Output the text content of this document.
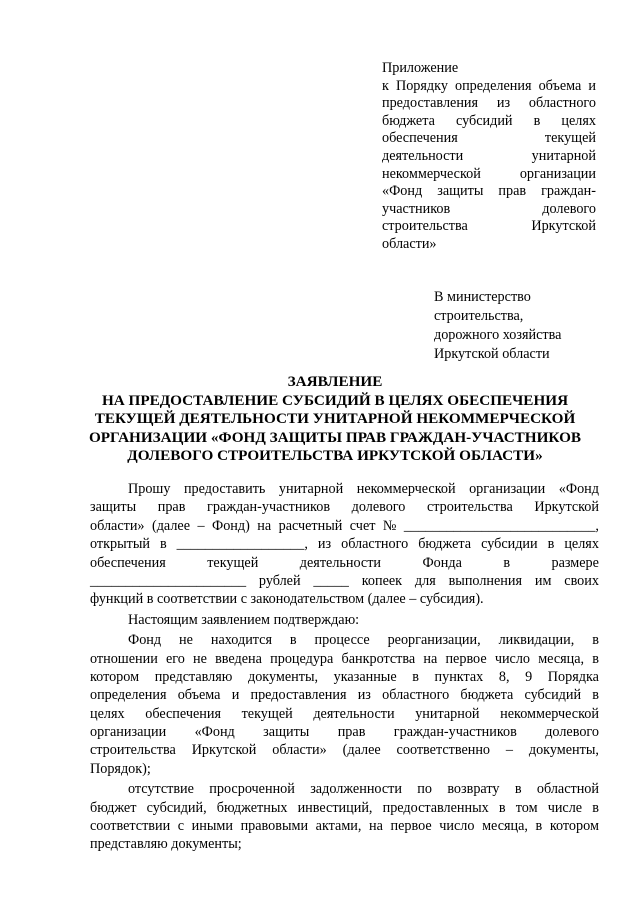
Приложение
к Порядку определения объема и
предоставления из областного
бюджета субсидий в целях
обеспечения	текущей
деятельности	унитарной
некоммерческой	организации
«Фонд защиты прав граждан-
участников	долевого
строительства	Иркутской
области»
В министерство
строительства,
дорожного хозяйства
Иркутской области
ЗАЯВЛЕНИЕ
НА ПРЕДОСТАВЛЕНИЕ СУБСИДИЙ В ЦЕЛЯХ ОБЕСПЕЧЕНИЯ
ТЕКУЩЕЙ ДЕЯТЕЛЬНОСТИ УНИТАРНОЙ НЕКОММЕРЧЕСКОЙ
ОРГАНИЗАЦИИ «ФОНД ЗАЩИТЫ ПРАВ ГРАЖДАН-УЧАСТНИКОВ
ДОЛЕВОГО СТРОИТЕЛЬСТВА ИРКУТСКОЙ ОБЛАСТИ»
Прошу предоставить унитарной некоммерческой организации «Фонд
защиты прав граждан-участников долевого строительства Иркутской
области» (далее – Фонд) на расчетный счет № ___________________________,
открытый в __________________, из областного бюджета субсидии в целях
обеспечения	текущей	деятельности	Фонда	в	размере
______________________ рублей _____ копеек для выполнения им своих
функций в соответствии с законодательством (далее – субсидия).
Настоящим заявлением подтверждаю:
Фонд не находится в процессе реорганизации, ликвидации, в
отношении его не введена процедура банкротства на первое число месяца, в
котором представляю документы, указанные в пунктах 8, 9 Порядка
определения объема и предоставления из областного бюджета субсидий в
целях обеспечения текущей деятельности унитарной некоммерческой
организации «Фонд защиты прав граждан-участников долевого
строительства Иркутской области» (далее соответственно – документы,
Порядок);
отсутствие просроченной задолженности по возврату в областной
бюджет субсидий, бюджетных инвестиций, предоставленных в том числе в
соответствии с иными правовыми актами, на первое число месяца, в котором
представляю документы;
